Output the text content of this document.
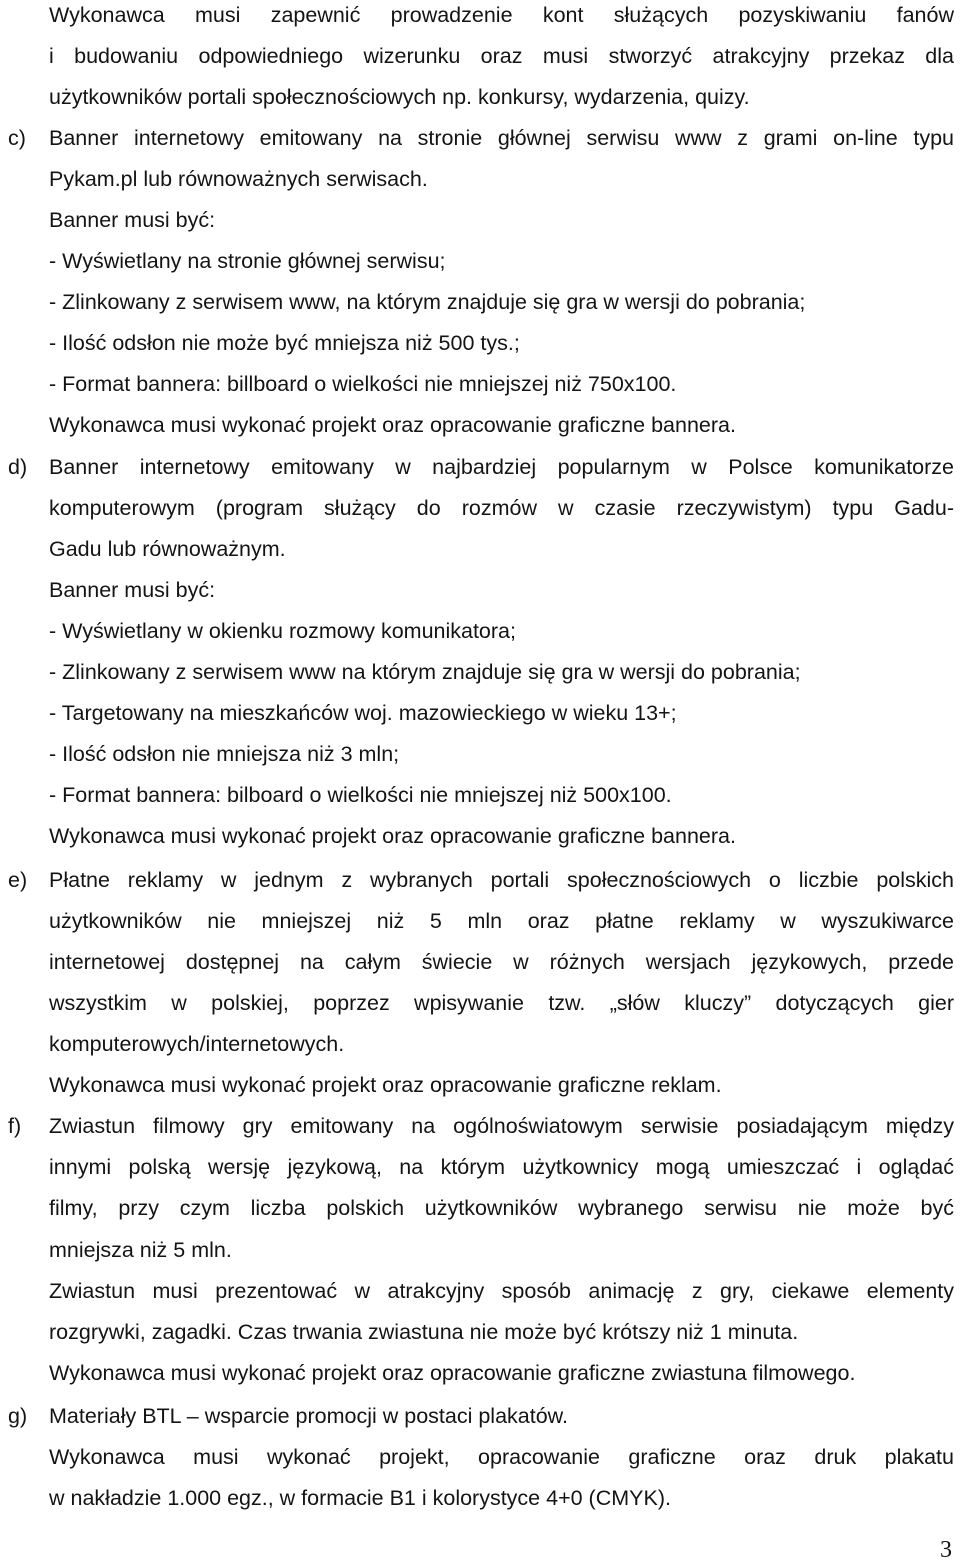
Wykonawca musi zapewnić prowadzenie kont służących pozyskiwaniu fanów
i budowaniu odpowiedniego wizerunku oraz musi stworzyć atrakcyjny przekaz dla
użytkowników portali społecznościowych np. konkursy, wydarzenia, quizy.
c) Banner internetowy emitowany na stronie głównej serwisu www z grami on-line typu
Pykam.pl lub równoważnych serwisach.
Banner musi być:
- Wyświetlany na stronie głównej serwisu;
- Zlinkowany z serwisem www, na którym znajduje się gra w wersji do pobrania;
- Ilość odsłon nie może być mniejsza niż 500 tys.;
- Format bannera: billboard o wielkości nie mniejszej niż 750x100.
Wykonawca musi wykonać projekt oraz opracowanie graficzne bannera.
d) Banner internetowy emitowany w najbardziej popularnym w Polsce komunikatorze
komputerowym (program służący do rozmów w czasie rzeczywistym) typu Gadu-
Gadu lub równoważnym.
Banner musi być:
- Wyświetlany w okienku rozmowy komunikatora;
- Zlinkowany z serwisem www na którym znajduje się gra w wersji do pobrania;
- Targetowany na mieszkańców woj. mazowieckiego w wieku 13+;
- Ilość odsłon nie mniejsza niż 3 mln;
- Format bannera: bilboard o wielkości nie mniejszej niż 500x100.
Wykonawca musi wykonać projekt oraz opracowanie graficzne bannera.
e) Płatne reklamy w jednym z wybranych portali społecznościowych o liczbie polskich
użytkowników nie mniejszej niż 5 mln oraz płatne reklamy w wyszukiwarce
internetowej dostępnej na całym świecie w różnych wersjach językowych, przede
wszystkim w polskiej, poprzez wpisywanie tzw. „słów kluczy” dotyczących gier
komputerowych/internetowych.
Wykonawca musi wykonać projekt oraz opracowanie graficzne reklam.
f) Zwiastun filmowy gry emitowany na ogólnoświatowym serwisie posiadającym między
innymi polską wersję językową, na którym użytkownicy mogą umieszczać i oglądać
filmy, przy czym liczba polskich użytkowników wybranego serwisu nie może być
mniejsza niż 5 mln.
Zwiastun musi prezentować w atrakcyjny sposób animację z gry, ciekawe elementy
rozgrywki, zagadki. Czas trwania zwiastuna nie może być krótszy niż 1 minuta.
Wykonawca musi wykonać projekt oraz opracowanie graficzne zwiastuna filmowego.
g) Materiały BTL – wsparcie promocji w postaci plakatów.
Wykonawca musi wykonać projekt, opracowanie graficzne oraz druk plakatu
w nakładzie 1.000 egz., w formacie B1 i kolorystyce 4+0 (CMYK).
3
